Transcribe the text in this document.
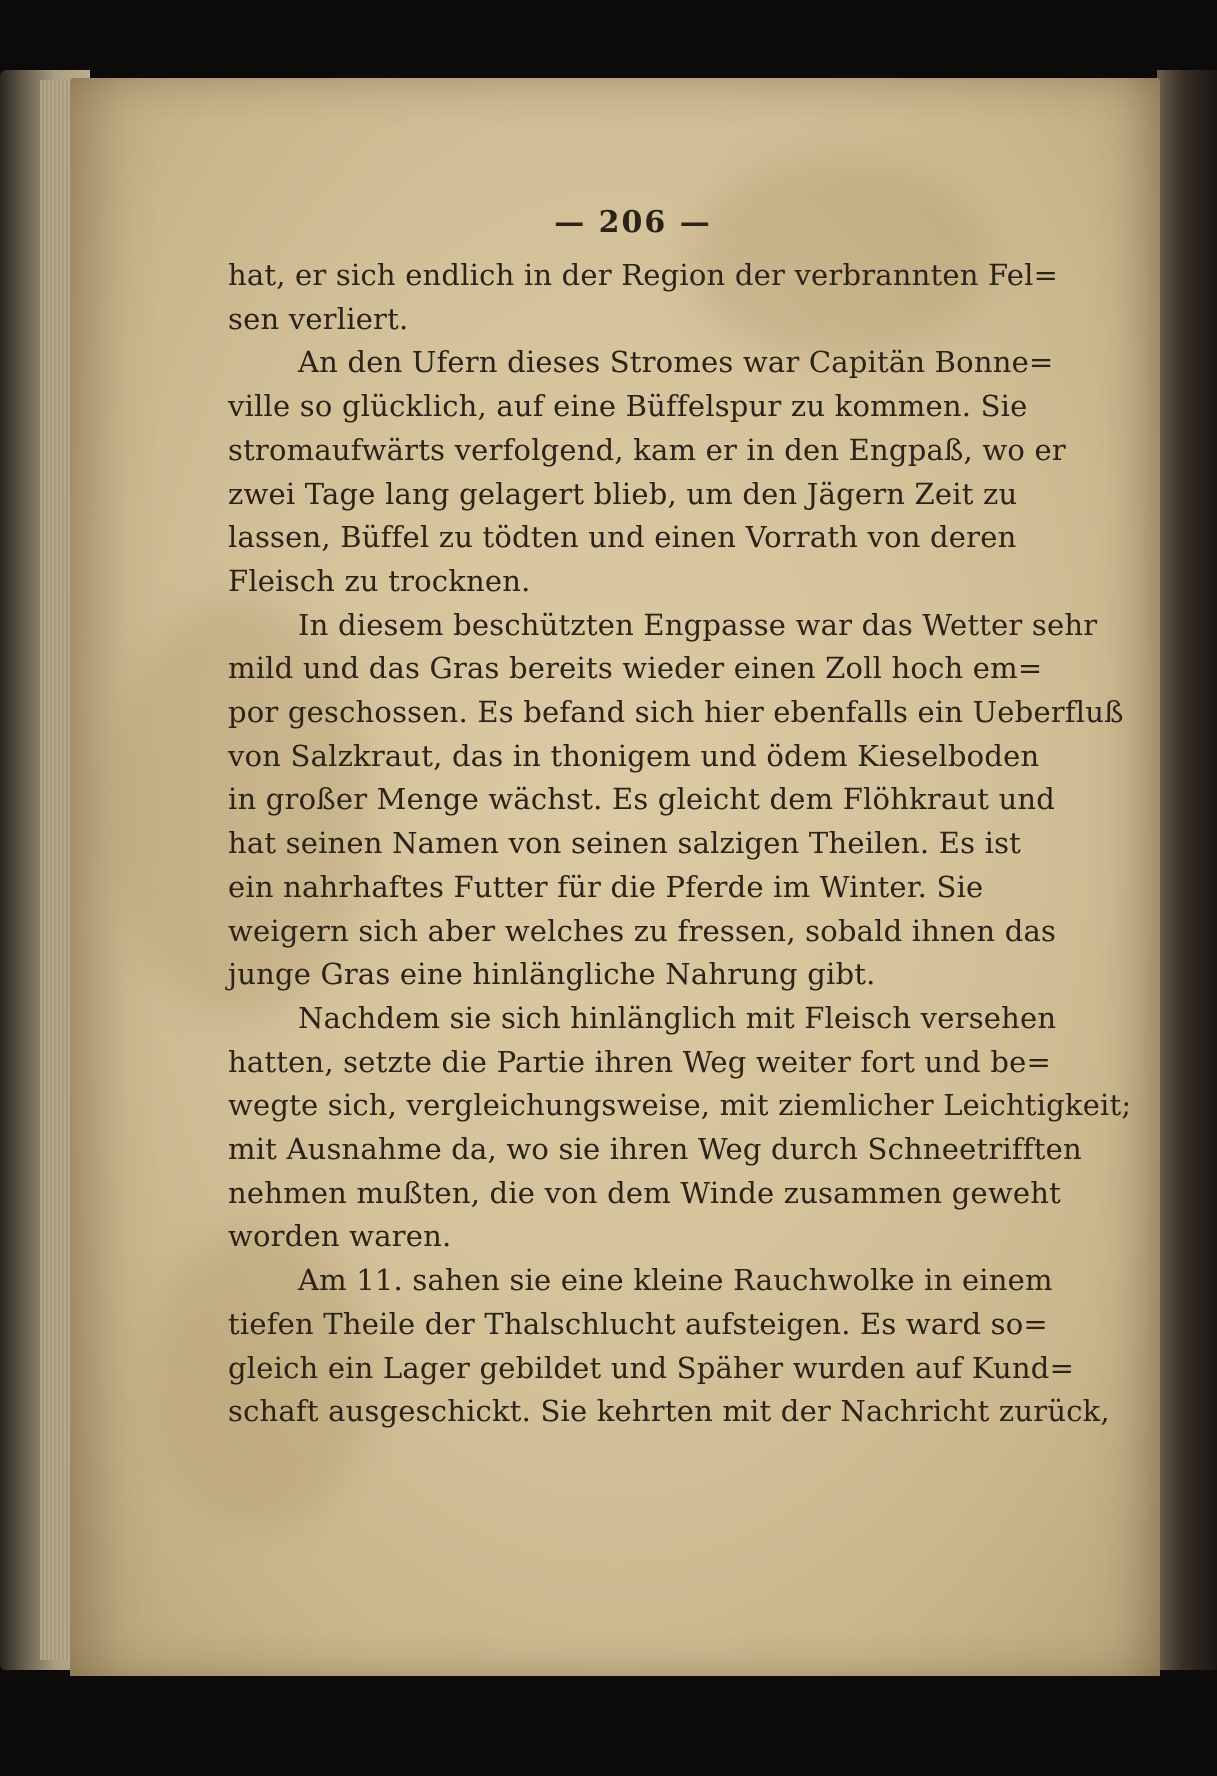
— 206 —
hat, er sich endlich in der Region der verbrannten Fel=
sen verliert.
An den Ufern dieses Stromes war Capitän Bonne=
ville so glücklich, auf eine Büffelspur zu kommen. Sie
stromaufwärts verfolgend, kam er in den Engpaß, wo er
zwei Tage lang gelagert blieb, um den Jägern Zeit zu
lassen, Büffel zu tödten und einen Vorrath von deren
Fleisch zu trocknen.
In diesem beschützten Engpasse war das Wetter sehr
mild und das Gras bereits wieder einen Zoll hoch em=
por geschossen. Es befand sich hier ebenfalls ein Ueberfluß
von Salzkraut, das in thonigem und ödem Kieselboden
in großer Menge wächst. Es gleicht dem Flöhkraut und
hat seinen Namen von seinen salzigen Theilen. Es ist
ein nahrhaftes Futter für die Pferde im Winter. Sie
weigern sich aber welches zu fressen, sobald ihnen das
junge Gras eine hinlängliche Nahrung gibt.
Nachdem sie sich hinlänglich mit Fleisch versehen
hatten, setzte die Partie ihren Weg weiter fort und be=
wegte sich, vergleichungsweise, mit ziemlicher Leichtigkeit;
mit Ausnahme da, wo sie ihren Weg durch Schneetrifften
nehmen mußten, die von dem Winde zusammen geweht
worden waren.
Am 11. sahen sie eine kleine Rauchwolke in einem
tiefen Theile der Thalschlucht aufsteigen. Es ward so=
gleich ein Lager gebildet und Späher wurden auf Kund=
schaft ausgeschickt. Sie kehrten mit der Nachricht zurück,
